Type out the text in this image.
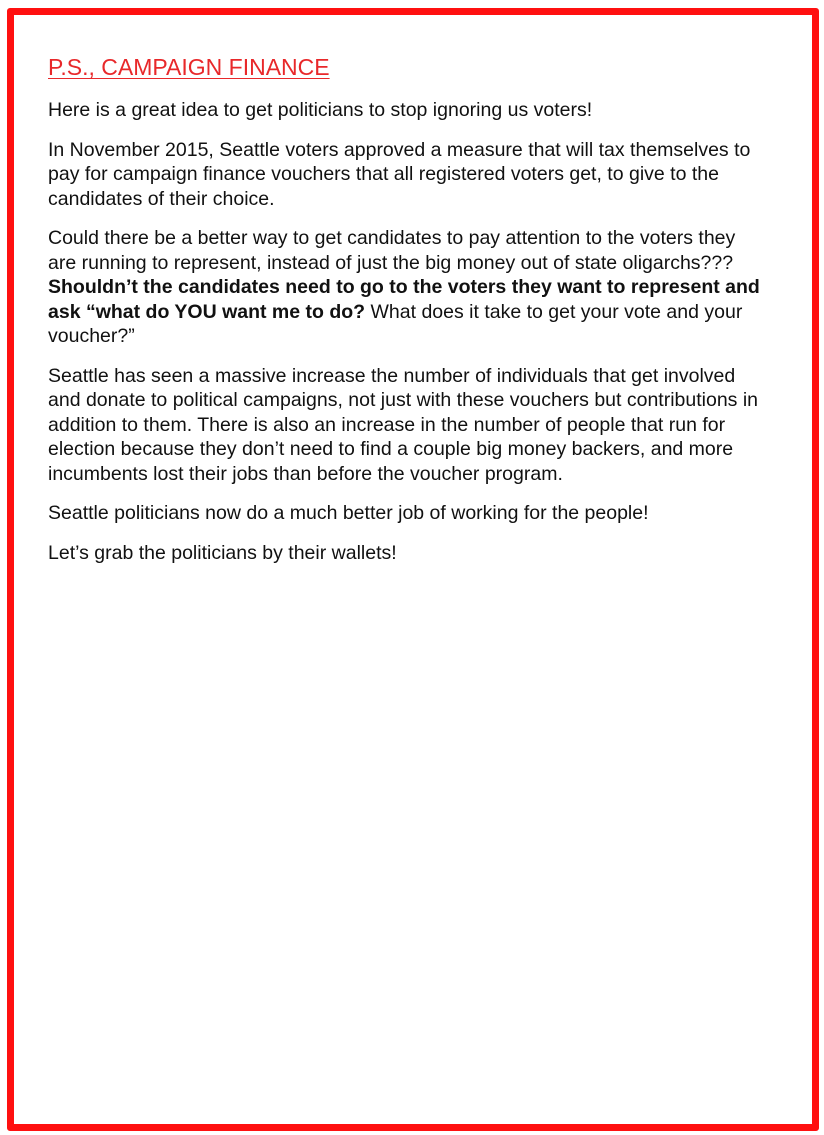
P.S., CAMPAIGN FINANCE

Here is a great idea to get politicians to stop ignoring us voters!

In November 2015, Seattle voters approved a measure that will tax themselves to pay for campaign finance vouchers that all registered voters get, to give to the candidates of their choice.

Could there be a better way to get candidates to pay attention to the voters they are running to represent, instead of just the big money out of state oligarchs??? Shouldn’t the candidates need to go to the voters they want to represent and ask “what do YOU want me to do? What does it take to get your vote and your voucher?”

Seattle has seen a massive increase the number of individuals that get involved and donate to political campaigns, not just with these vouchers but contributions in addition to them. There is also an increase in the number of people that run for election because they don’t need to find a couple big money backers, and more incumbents lost their jobs than before the voucher program.

Seattle politicians now do a much better job of working for the people!

Let’s grab the politicians by their wallets!
